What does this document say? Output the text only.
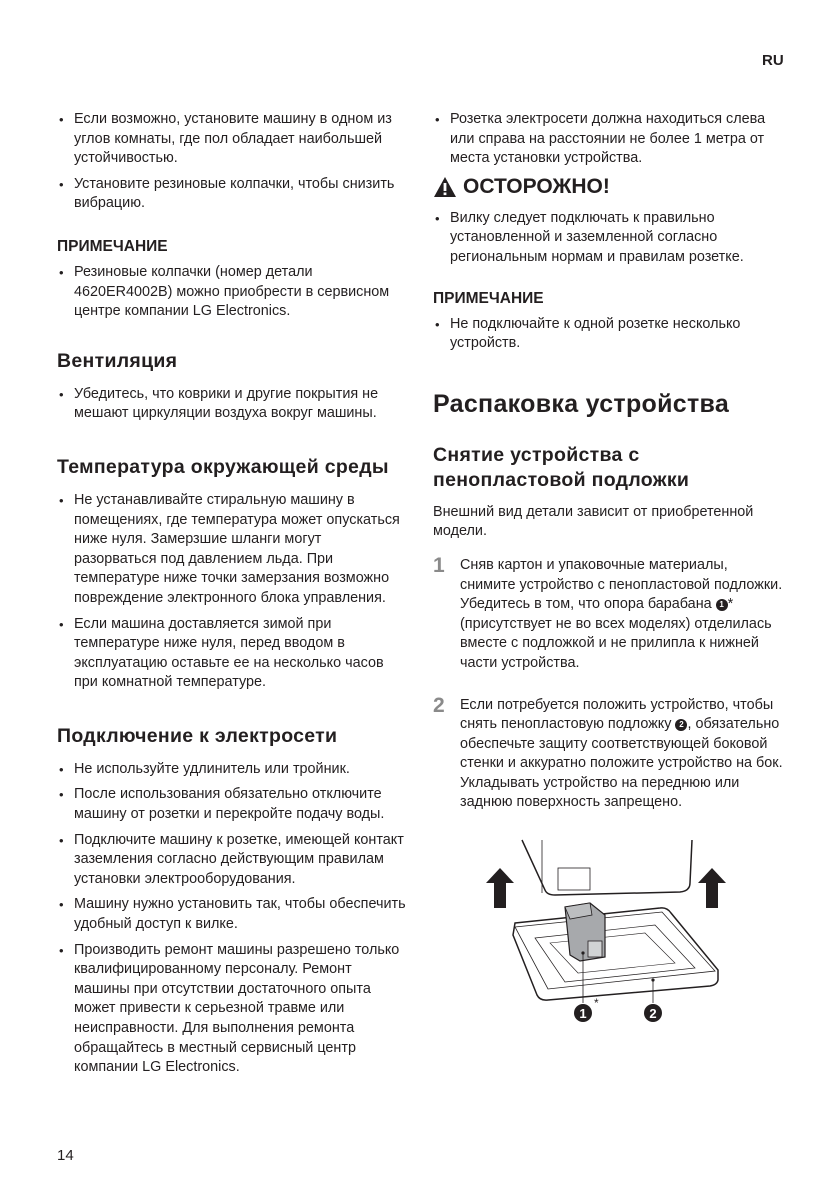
RU
• Если возможно, установите машину в одном из углов комнаты, где пол обладает наибольшей устойчивостью.
• Установите резиновые колпачки, чтобы снизить вибрацию.
ПРИМЕЧАНИЕ
• Резиновые колпачки (номер детали 4620ER4002B) можно приобрести в сервисном центре компании LG Electronics.
Вентиляция
• Убедитесь, что коврики и другие покрытия не мешают циркуляции воздуха вокруг машины.
Температура окружающей среды
• Не устанавливайте стиральную машину в помещениях, где температура может опускаться ниже нуля. Замерзшие шланги могут разорваться под давлением льда. При температуре ниже точки замерзания возможно повреждение электронного блока управления.
• Если машина доставляется зимой при температуре ниже нуля, перед вводом в эксплуатацию оставьте ее на несколько часов при комнатной температуре.
Подключение к электросети
• Не используйте удлинитель или тройник.
• После использования обязательно отключите машину от розетки и перекройте подачу воды.
• Подключите машину к розетке, имеющей контакт заземления согласно действующим правилам установки электрооборудования.
• Машину нужно установить так, чтобы обеспечить удобный доступ к вилке.
• Производить ремонт машины разрешено только квалифицированному персоналу. Ремонт машины при отсутствии достаточного опыта может привести к серьезной травме или неисправности. Для выполнения ремонта обращайтесь в местный сервисный центр компании LG Electronics.
• Розетка электросети должна находиться слева или справа на расстоянии не более 1 метра от места установки устройства.
ОСТОРОЖНО!
• Вилку следует подключать к правильно установленной и заземленной согласно региональным нормам и правилам розетке.
ПРИМЕЧАНИЕ
• Не подключайте к одной розетке несколько устройств.
Распаковка устройства
Снятие устройства с пенопластовой подложки
Внешний вид детали зависит от приобретенной модели.
1	Сняв картон и упаковочные материалы, снимите устройство с пенопластовой подложки. Убедитесь в том, что опора барабана 1 * (присутствует не во всех моделях) отделилась вместе с подложкой и не прилипла к нижней части устройства.
2	Если потребуется положить устройство, чтобы снять пенопластовую подложку 2 , обязательно обеспечьте защиту соответствующей боковой стенки и аккуратно положите устройство на бок. Укладывать устройство на переднюю или заднюю поверхность запрещено.
1
*
2
14
